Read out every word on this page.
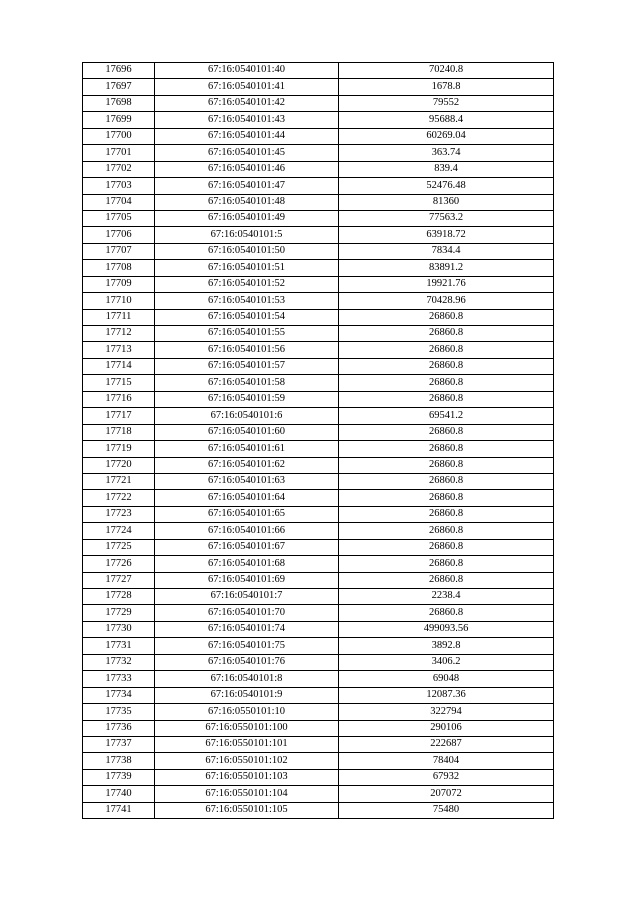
17696	67:16:0540101:40	70240.8
17697	67:16:0540101:41	1678.8
17698	67:16:0540101:42	79552
17699	67:16:0540101:43	95688.4
17700	67:16:0540101:44	60269.04
17701	67:16:0540101:45	363.74
17702	67:16:0540101:46	839.4
17703	67:16:0540101:47	52476.48
17704	67:16:0540101:48	81360
17705	67:16:0540101:49	77563.2
17706	67:16:0540101:5	63918.72
17707	67:16:0540101:50	7834.4
17708	67:16:0540101:51	83891.2
17709	67:16:0540101:52	19921.76
17710	67:16:0540101:53	70428.96
17711	67:16:0540101:54	26860.8
17712	67:16:0540101:55	26860.8
17713	67:16:0540101:56	26860.8
17714	67:16:0540101:57	26860.8
17715	67:16:0540101:58	26860.8
17716	67:16:0540101:59	26860.8
17717	67:16:0540101:6	69541.2
17718	67:16:0540101:60	26860.8
17719	67:16:0540101:61	26860.8
17720	67:16:0540101:62	26860.8
17721	67:16:0540101:63	26860.8
17722	67:16:0540101:64	26860.8
17723	67:16:0540101:65	26860.8
17724	67:16:0540101:66	26860.8
17725	67:16:0540101:67	26860.8
17726	67:16:0540101:68	26860.8
17727	67:16:0540101:69	26860.8
17728	67:16:0540101:7	2238.4
17729	67:16:0540101:70	26860.8
17730	67:16:0540101:74	499093.56
17731	67:16:0540101:75	3892.8
17732	67:16:0540101:76	3406.2
17733	67:16:0540101:8	69048
17734	67:16:0540101:9	12087.36
17735	67:16:0550101:10	322794
17736	67:16:0550101:100	290106
17737	67:16:0550101:101	222687
17738	67:16:0550101:102	78404
17739	67:16:0550101:103	67932
17740	67:16:0550101:104	207072
17741	67:16:0550101:105	75480
